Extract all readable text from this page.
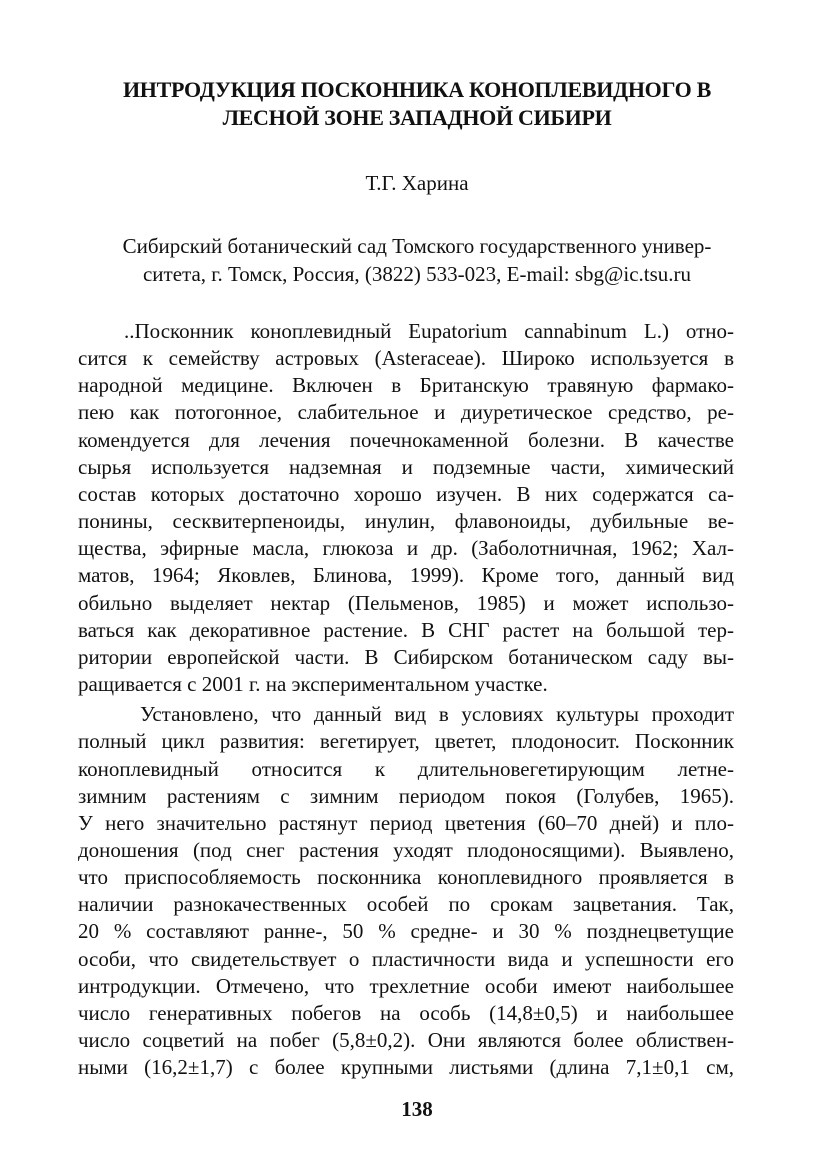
ИНТРОДУКЦИЯ ПОСКОННИКА КОНОПЛЕВИДНОГО В
ЛЕСНОЙ ЗОНЕ ЗАПАДНОЙ СИБИРИ
Т.Г. Харина
Сибирский ботанический сад Томского государственного универ-
ситета, г. Томск, Россия, (3822) 533-023, E-mail: sbg@ic.tsu.ru
..Посконник коноплевидный Eupatorium cannabinum L.) отно-
сится к семейству астровых (Asteraceae). Широко используется в
народной медицине. Включен в Британскую травяную фармако-
пею как потогонное, слабительное и диуретическое средство, ре-
комендуется для лечения почечнокаменной болезни. В качестве
сырья используется надземная и подземные части, химический
состав которых достаточно хорошо изучен. В них содержатся са-
понины, сесквитерпеноиды, инулин, флавоноиды, дубильные ве-
щества, эфирные масла, глюкоза и др. (Заболотничная, 1962; Хал-
матов, 1964; Яковлев, Блинова, 1999). Кроме того, данный вид
обильно выделяет нектар (Пельменов, 1985) и может использо-
ваться как декоративное растение. В СНГ растет на большой тер-
ритории европейской части. В Сибирском ботаническом саду вы-
ращивается с 2001 г. на экспериментальном участке.
Установлено, что данный вид в условиях культуры проходит
полный цикл развития: вегетирует, цветет, плодоносит. Посконник
коноплевидный относится к длительновегетирующим летне-
зимним растениям с зимним периодом покоя (Голубев, 1965).
У него значительно растянут период цветения (60–70 дней) и пло-
доношения (под снег растения уходят плодоносящими). Выявлено,
что приспособляемость посконника коноплевидного проявляется в
наличии разнокачественных особей по срокам зацветания. Так,
20 % составляют ранне-, 50 % средне- и 30 % позднецветущие
особи, что свидетельствует о пластичности вида и успешности его
интродукции. Отмечено, что трехлетние особи имеют наибольшее
число генеративных побегов на особь (14,8±0,5) и наибольшее
число соцветий на побег (5,8±0,2). Они являются более облиствен-
ными (16,2±1,7) с более крупными листьями (длина 7,1±0,1 см,
138
